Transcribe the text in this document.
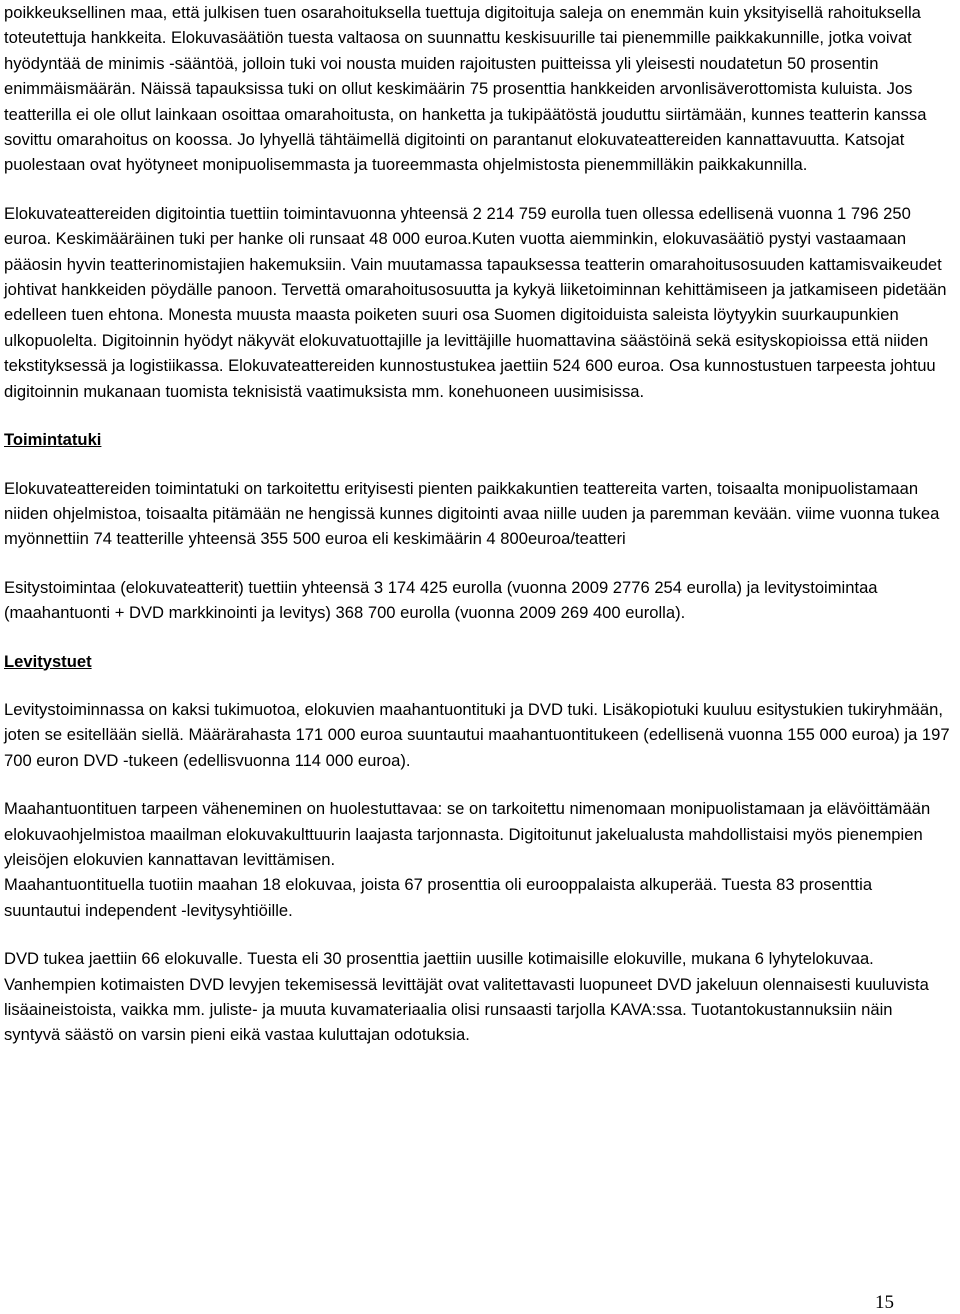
poikkeuksellinen maa, että julkisen tuen osarahoituksella tuettuja digitoituja saleja on enemmän kuin yksityisellä rahoituksella toteutettuja hankkeita. Elokuvasäätiön tuesta valtaosa on suunnattu keskisuurille tai pienemmille paikkakunnille, jotka voivat hyödyntää de minimis -sääntöä, jolloin tuki voi nousta muiden rajoitusten puitteissa yli yleisesti noudatetun 50 prosentin enimmäismäärän. Näissä tapauksissa tuki on ollut keskimäärin 75 prosenttia hankkeiden arvonlisäverottomista kuluista. Jos teatterilla ei ole ollut lainkaan osoittaa omarahoitusta, on hanketta ja tukipäätöstä jouduttu siirtämään, kunnes teatterin kanssa sovittu omarahoitus on koossa. Jo lyhyellä tähtäimellä digitointi on parantanut elokuvateattereiden kannattavuutta. Katsojat puolestaan ovat hyötyneet monipuolisemmasta ja tuoreemmasta ohjelmistosta pienemmilläkin paikkakunnilla.

Elokuvateattereiden digitointia tuettiin toimintavuonna yhteensä 2 214 759 eurolla tuen ollessa edellisenä vuonna 1 796 250 euroa. Keskimääräinen tuki per hanke oli runsaat 48 000 euroa.Kuten vuotta aiemminkin, elokuvasäätiö pystyi vastaamaan pääosin hyvin teatterinomistajien hakemuksiin. Vain muutamassa tapauksessa teatterin omarahoitusosuuden kattamisvaikeudet johtivat hankkeiden pöydälle panoon. Tervettä omarahoitusosuutta ja kykyä liiketoiminnan kehittämiseen ja jatkamiseen pidetään edelleen tuen ehtona. Monesta muusta maasta poiketen suuri osa Suomen digitoiduista saleista löytyykin suurkaupunkien ulkopuolelta. Digitoinnin hyödyt näkyvät elokuvatuottajille ja levittäjille huomattavina säästöinä sekä esityskopioissa että niiden tekstityksessä ja logistiikassa. Elokuvateattereiden kunnostustukea jaettiin 524 600 euroa. Osa kunnostustuen tarpeesta johtuu digitoinnin mukanaan tuomista teknisistä vaatimuksista mm. konehuoneen uusimisissa.

Toimintatuki

Elokuvateattereiden toimintatuki on tarkoitettu erityisesti pienten paikkakuntien teattereita varten, toisaalta monipuolistamaan niiden ohjelmistoa, toisaalta pitämään ne hengissä kunnes digitointi avaa niille uuden ja paremman kevään. viime vuonna tukea myönnettiin 74 teatterille yhteensä 355 500 euroa eli keskimäärin 4 800euroa/teatteri

Esitystoimintaa (elokuvateatterit) tuettiin yhteensä 3 174 425 eurolla (vuonna 2009 2776 254 eurolla) ja levitystoimintaa (maahantuonti + DVD markkinointi ja levitys) 368 700 eurolla (vuonna 2009 269 400 eurolla).

Levitystuet

Levitystoiminnassa on kaksi tukimuotoa, elokuvien maahantuontituki ja DVD tuki. Lisäkopiotuki kuuluu esitystukien tukiryhmään, joten se esitellään siellä. Määrärahasta 171 000 euroa suuntautui maahantuontitukeen (edellisenä vuonna 155 000 euroa) ja 197 700 euron DVD -tukeen (edellisvuonna 114 000 euroa).

Maahantuontituen tarpeen väheneminen on huolestuttavaa: se on tarkoitettu nimenomaan monipuolistamaan ja elävöittämään elokuvaohjelmistoa maailman elokuvakulttuurin laajasta tarjonnasta. Digitoitunut jakelualusta mahdollistaisi myös pienempien yleisöjen elokuvien kannattavan levittämisen.

Maahantuontituella tuotiin maahan 18 elokuvaa, joista 67 prosenttia oli eurooppalaista alkuperää. Tuesta 83 prosenttia suuntautui independent -levitysyhtiöille.

DVD tukea jaettiin 66 elokuvalle. Tuesta eli 30 prosenttia jaettiin uusille kotimaisille elokuville, mukana 6 lyhytelokuvaa. Vanhempien kotimaisten DVD levyjen tekemisessä levittäjät ovat valitettavasti luopuneet DVD jakeluun olennaisesti kuuluvista lisäaineistoista, vaikka mm. juliste- ja muuta kuvamateriaalia olisi runsaasti tarjolla KAVA:ssa. Tuotantokustannuksiin näin syntyvä säästö on varsin pieni eikä vastaa kuluttajan odotuksia.

15
